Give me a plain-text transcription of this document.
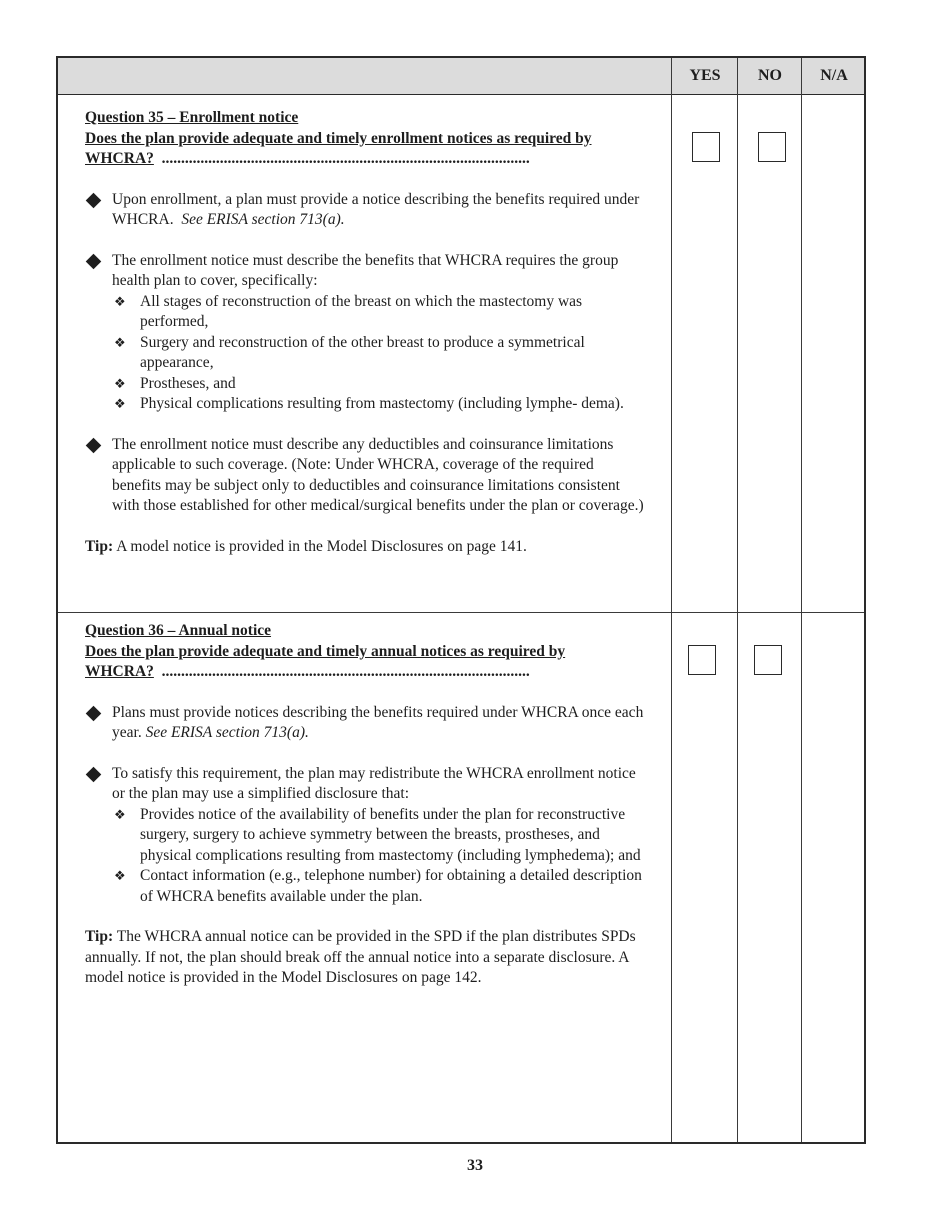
YES	NO	N/A
Question 35 – Enrollment notice
Does the plan provide adequate and timely enrollment notices as required by
WHCRA? ...............................................................................................
Upon enrollment, a plan must provide a notice describing the benefits required under WHCRA. See ERISA section 713(a).
The enrollment notice must describe the benefits that WHCRA requires the group health plan to cover, specifically:
❖ All stages of reconstruction of the breast on which the mastectomy was performed,
❖ Surgery and reconstruction of the other breast to produce a symmetrical appearance,
❖ Prostheses, and
❖ Physical complications resulting from mastectomy (including lymphe- dema).
The enrollment notice must describe any deductibles and coinsurance limitations applicable to such coverage. (Note: Under WHCRA, coverage of the required benefits may be subject only to deductibles and coinsurance limitations consistent with those established for other medical/surgical benefits under the plan or coverage.)
Tip: A model notice is provided in the Model Disclosures on page 141.
Question 36 – Annual notice
Does the plan provide adequate and timely annual notices as required by
WHCRA? ...............................................................................................
Plans must provide notices describing the benefits required under WHCRA once each year. See ERISA section 713(a).
To satisfy this requirement, the plan may redistribute the WHCRA enrollment notice or the plan may use a simplified disclosure that:
❖ Provides notice of the availability of benefits under the plan for reconstructive surgery, surgery to achieve symmetry between the breasts, prostheses, and physical complications resulting from mastectomy (including lymphedema); and
❖ Contact information (e.g., telephone number) for obtaining a detailed description of WHCRA benefits available under the plan.
Tip: The WHCRA annual notice can be provided in the SPD if the plan distributes SPDs annually. If not, the plan should break off the annual notice into a separate disclosure. A model notice is provided in the Model Disclosures on page 142.
33
